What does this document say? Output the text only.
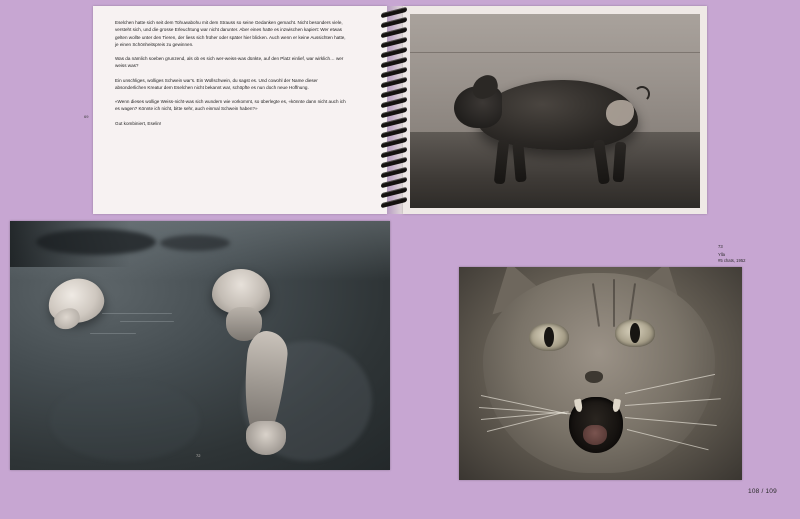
69

Eselchen hatte sich seit dem Tohuwabohu mit dem Strauss so seine Gedanken gemacht. Nicht besonders viele, versteht sich, und die grosse Erleuchtung war nicht darunter. Aber eines hatte es inzwischen kapiert: Wer etwas gelten wollte unter den Tieren, der liess sich früher oder später hier blicken. Auch wenn er keine Aussichten hatte, je einen Schönheitspreis zu gewinnen.

Was da nämlich soeben grunzend, als ob es sich wer-weiss-was dünkte, auf den Platz einlief, war wirklich… wer weiss was?

Ein unschliges, wolliges Schwein war's. Ein Wollschwein, du sagst es. Und cowohl der Name dieser absonderlichen Kreatur dem Eselchen nicht bekannt war, schöpfte es nun doch neue Hoffnung.

«Wenn dieses wollige Weiss-nicht-was sich wundern wie vorkommt, so überlegte es, «könnte dann nicht auch ich es wagen? Könnte ich nicht, bitte sehr, auch einmal Schwein haben?»

Gut kombiniert, Eselin!

73
Ylla
#5 chats, 1952
72
108 / 109
